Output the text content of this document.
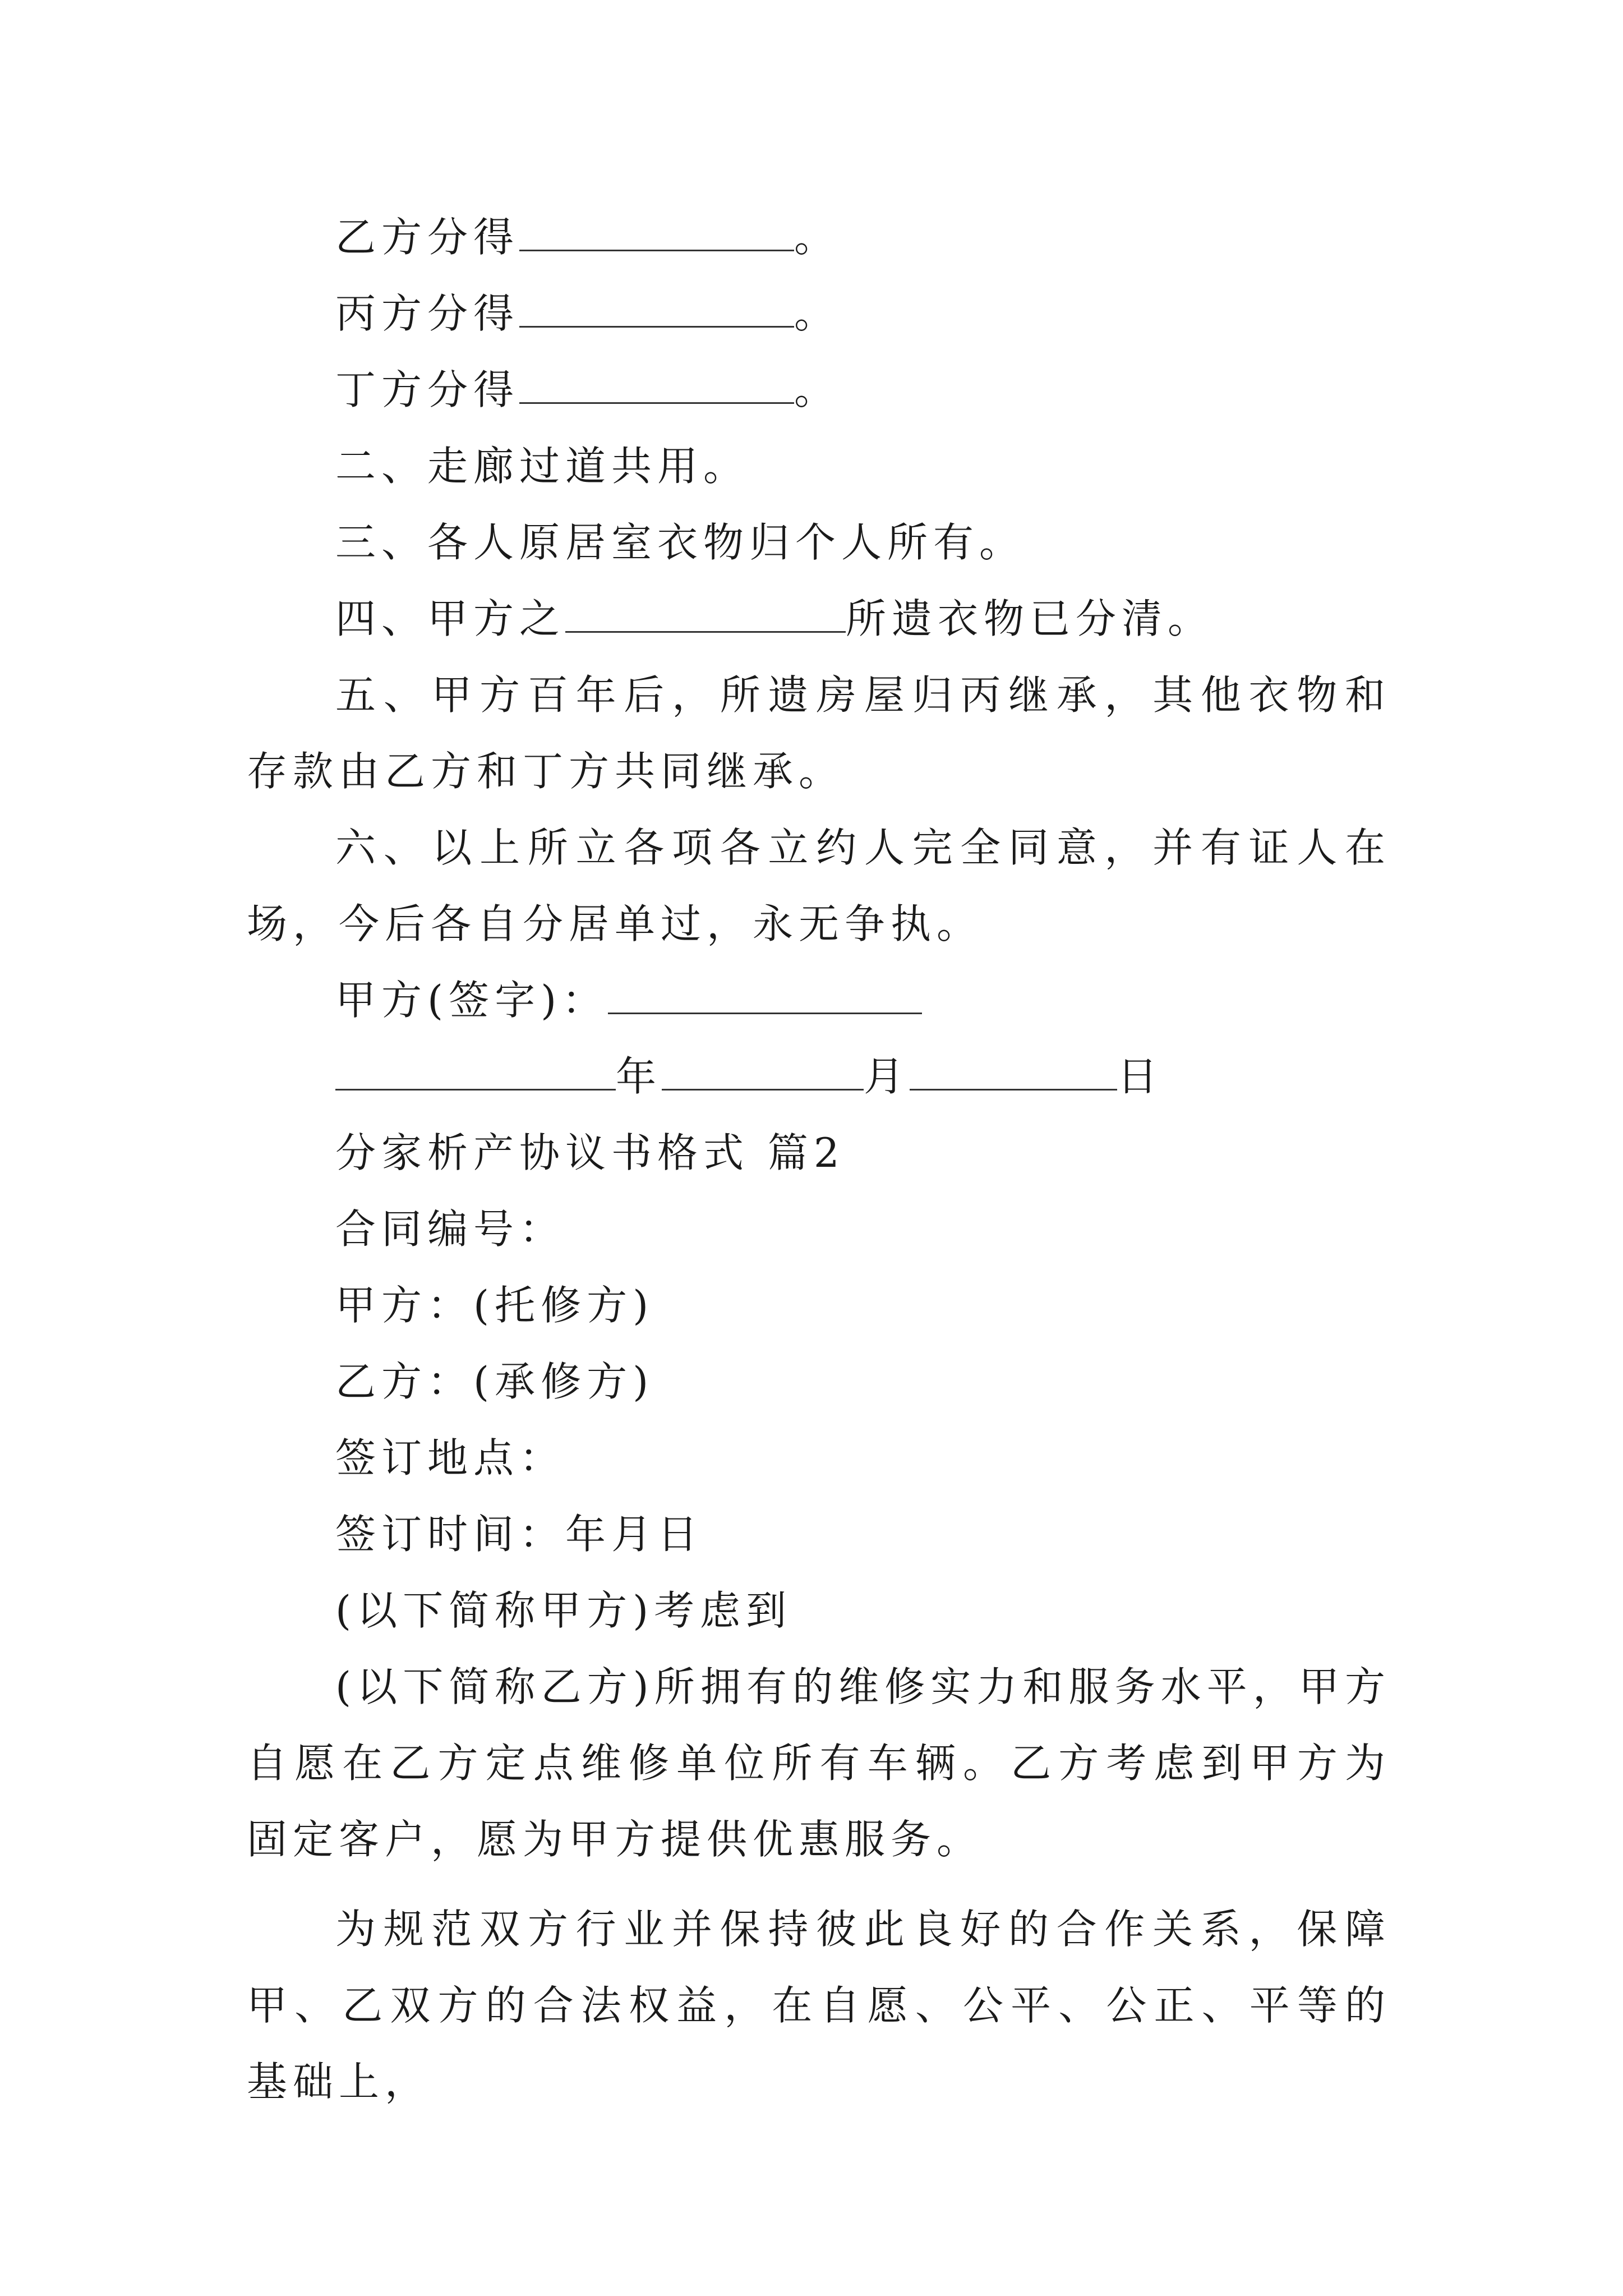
乙方分得	。
丙方分得	。
丁方分得	。
二、走廊过道共用。
三、各人原居室衣物归个人所有。
四、甲方之	所遗衣物已分清。
五、甲方百年后，所遗房屋归丙继承，其他衣物和存款由乙方和丁方共同继承。
六、以上所立各项各立约人完全同意，并有证人在场，今后各自分居单过，永无争执。
甲方(签字)：
年	月	日
分家析产协议书格式 篇2
合同编号：
甲方：(托修方)
乙方：(承修方)
签订地点：
签订时间：年月日
(以下简称甲方)考虑到
(以下简称乙方)所拥有的维修实力和服务水平，甲方自愿在乙方定点维修单位所有车辆。乙方考虑到甲方为固定客户，愿为甲方提供优惠服务。
为规范双方行业并保持彼此良好的合作关系，保障甲、乙双方的合法权益，在自愿、公平、公正、平等的基础上，
